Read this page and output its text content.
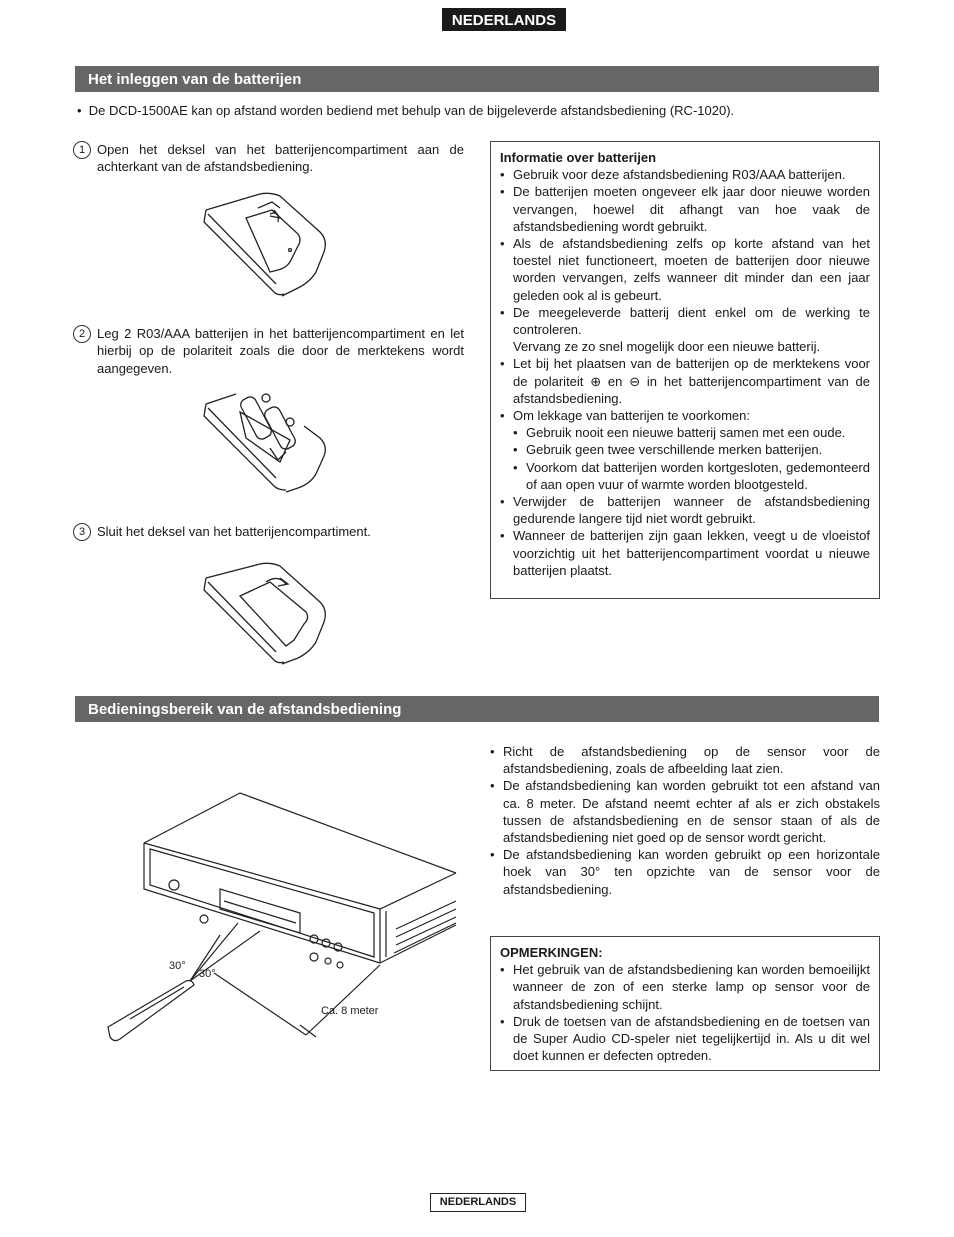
NEDERLANDS
Het inleggen van de batterijen
•  De DCD-1500AE kan op afstand worden bediend met behulp van de bijgeleverde afstandsbediening (RC-1020).
1 Open het deksel van het batterijencompartiment aan de achterkant van de afstandsbediening.
2 Leg 2 R03/AAA batterijen in het batterijencompartiment en let hierbij op de polariteit zoals die door de merktekens wordt aangegeven.
3 Sluit het deksel van het batterijencompartiment.
Informatie over batterijen
• Gebruik voor deze afstandsbediening R03/AAA batterijen.
• De batterijen moeten ongeveer elk jaar door nieuwe worden vervangen, hoewel dit afhangt van hoe vaak de afstandsbediening wordt gebruikt.
• Als de afstandsbediening zelfs op korte afstand van het toestel niet functioneert, moeten de batterijen door nieuwe worden vervangen, zelfs wanneer dit minder dan een jaar geleden ook al is gebeurt.
• De meegeleverde batterij dient enkel om de werking te controleren.
Vervang ze zo snel mogelijk door een nieuwe batterij.
• Let bij het plaatsen van de batterijen op de merktekens voor de polariteit ⊕ en ⊖ in het batterijencompartiment van de afstandsbediening.
• Om lekkage van batterijen te voorkomen:
• Gebruik nooit een nieuwe batterij samen met een oude.
• Gebruik geen twee verschillende merken batterijen.
• Voorkom dat batterijen worden kortgesloten, gedemonteerd of aan open vuur of warmte worden blootgesteld.
• Verwijder de batterijen wanneer de afstandsbediening gedurende langere tijd niet wordt gebruikt.
• Wanneer de batterijen zijn gaan lekken, veegt u de vloeistof voorzichtig uit het batterijencompartiment voordat u nieuwe batterijen plaatst.
Bedieningsbereik van de afstandsbediening
30°
30°
Ca. 8 meter
• Richt de afstandsbediening op de sensor voor de afstandsbediening, zoals de afbeelding laat zien.
• De afstandsbediening kan worden gebruikt tot een afstand van ca. 8 meter. De afstand neemt echter af als er zich obstakels tussen de afstandsbediening en de sensor staan of als de afstandsbediening niet goed op de sensor wordt gericht.
• De afstandsbediening kan worden gebruikt op een horizontale hoek van 30° ten opzichte van de sensor voor de afstandsbediening.
OPMERKINGEN:
• Het gebruik van de afstandsbediening kan worden bemoeilijkt wanneer de zon of een sterke lamp op sensor voor de afstandsbediening schijnt.
• Druk de toetsen van de afstandsbediening en de toetsen van de Super Audio CD-speler niet tegelijkertijd in. Als u dit wel doet kunnen er defecten optreden.
NEDERLANDS
